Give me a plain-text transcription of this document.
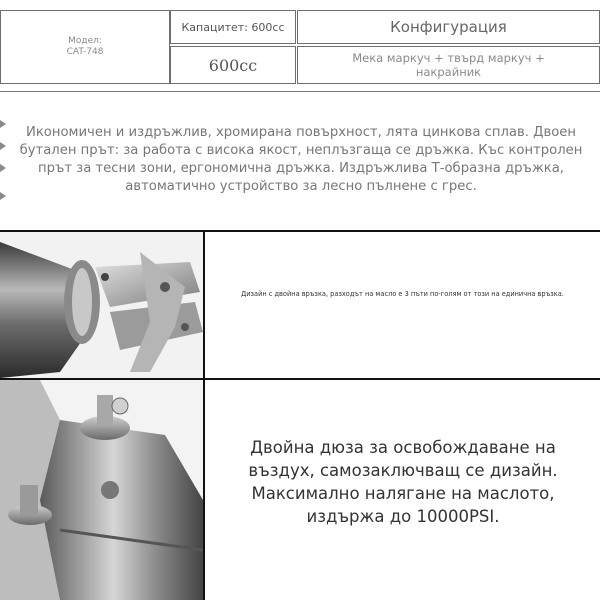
Модел:
CAT-748
Капацитет: 600cc
600cc
Конфигурация
Мека маркуч + твърд маркуч + накрайник
Икономичен и издръжлив, хромирана повърхност, лята цинкова сплав. Двоен бутален прът: за работа с висока якост, неплъзгаща се дръжка. Къс контролен прът за тесни зони, ергономична дръжка. Издръжлива Т-образна дръжка, автоматично устройство за лесно пълнене с грес.
Дизайн с двойна връзка, разходът на масло е 3 пъти по-голям от този на единична връзка.
Двойна дюза за освобождаване на въздух, самозаключващ се дизайн. Максимално налягане на маслото, издържа до 10000PSI.
